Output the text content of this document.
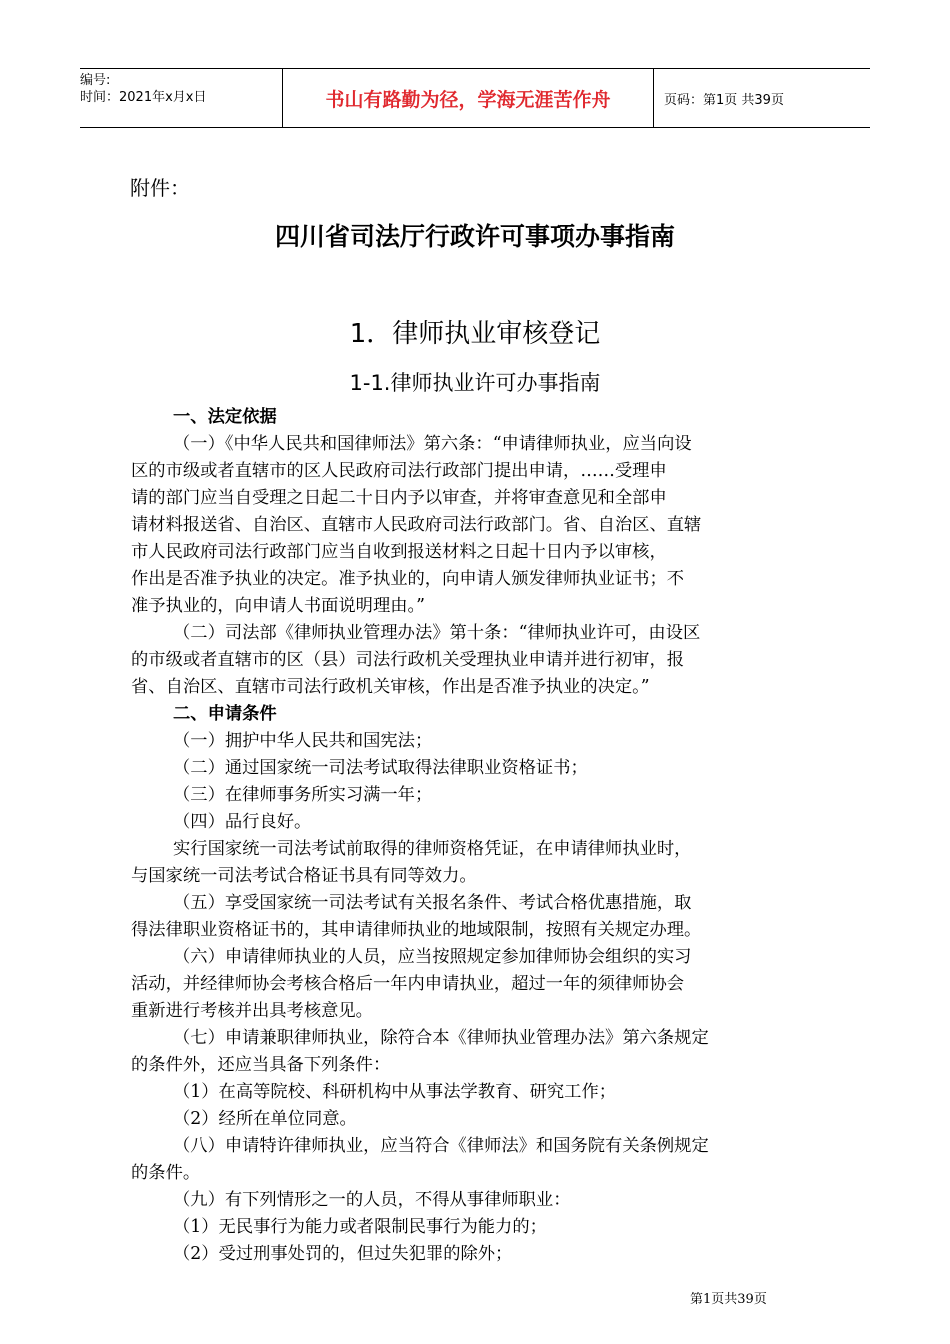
编号:
时间：2021年x月x日	书山有路勤为径，学海无涯苦作舟	页码：第1页 共39页
附件：
四川省司法厅行政许可事项办事指南
1．律师执业审核登记
1-1.律师执业许可办事指南
一、法定依据
（一）《中华人民共和国律师法》第六条：“申请律师执业，应当向设
区的市级或者直辖市的区人民政府司法行政部门提出申请，……受理申
请的部门应当自受理之日起二十日内予以审查，并将审查意见和全部申
请材料报送省、自治区、直辖市人民政府司法行政部门。省、自治区、直辖
市人民政府司法行政部门应当自收到报送材料之日起十日内予以审核，
作出是否准予执业的决定。准予执业的，向申请人颁发律师执业证书；不
准予执业的，向申请人书面说明理由。”
（二）司法部《律师执业管理办法》第十条：“律师执业许可，由设区
的市级或者直辖市的区（县）司法行政机关受理执业申请并进行初审，报
省、自治区、直辖市司法行政机关审核，作出是否准予执业的决定。”
二、申请条件
（一）拥护中华人民共和国宪法；
（二）通过国家统一司法考试取得法律职业资格证书；
（三）在律师事务所实习满一年；
（四）品行良好。
实行国家统一司法考试前取得的律师资格凭证，在申请律师执业时，
与国家统一司法考试合格证书具有同等效力。
（五）享受国家统一司法考试有关报名条件、考试合格优惠措施，取
得法律职业资格证书的，其申请律师执业的地域限制，按照有关规定办理。
（六）申请律师执业的人员，应当按照规定参加律师协会组织的实习
活动，并经律师协会考核合格后一年内申请执业，超过一年的须律师协会
重新进行考核并出具考核意见。
（七）申请兼职律师执业，除符合本《律师执业管理办法》第六条规定
的条件外，还应当具备下列条件：
（1）在高等院校、科研机构中从事法学教育、研究工作；
（2）经所在单位同意。
（八）申请特许律师执业，应当符合《律师法》和国务院有关条例规定
的条件。
（九）有下列情形之一的人员，不得从事律师职业：
（1）无民事行为能力或者限制民事行为能力的；
（2）受过刑事处罚的，但过失犯罪的除外；
第1页共39页
